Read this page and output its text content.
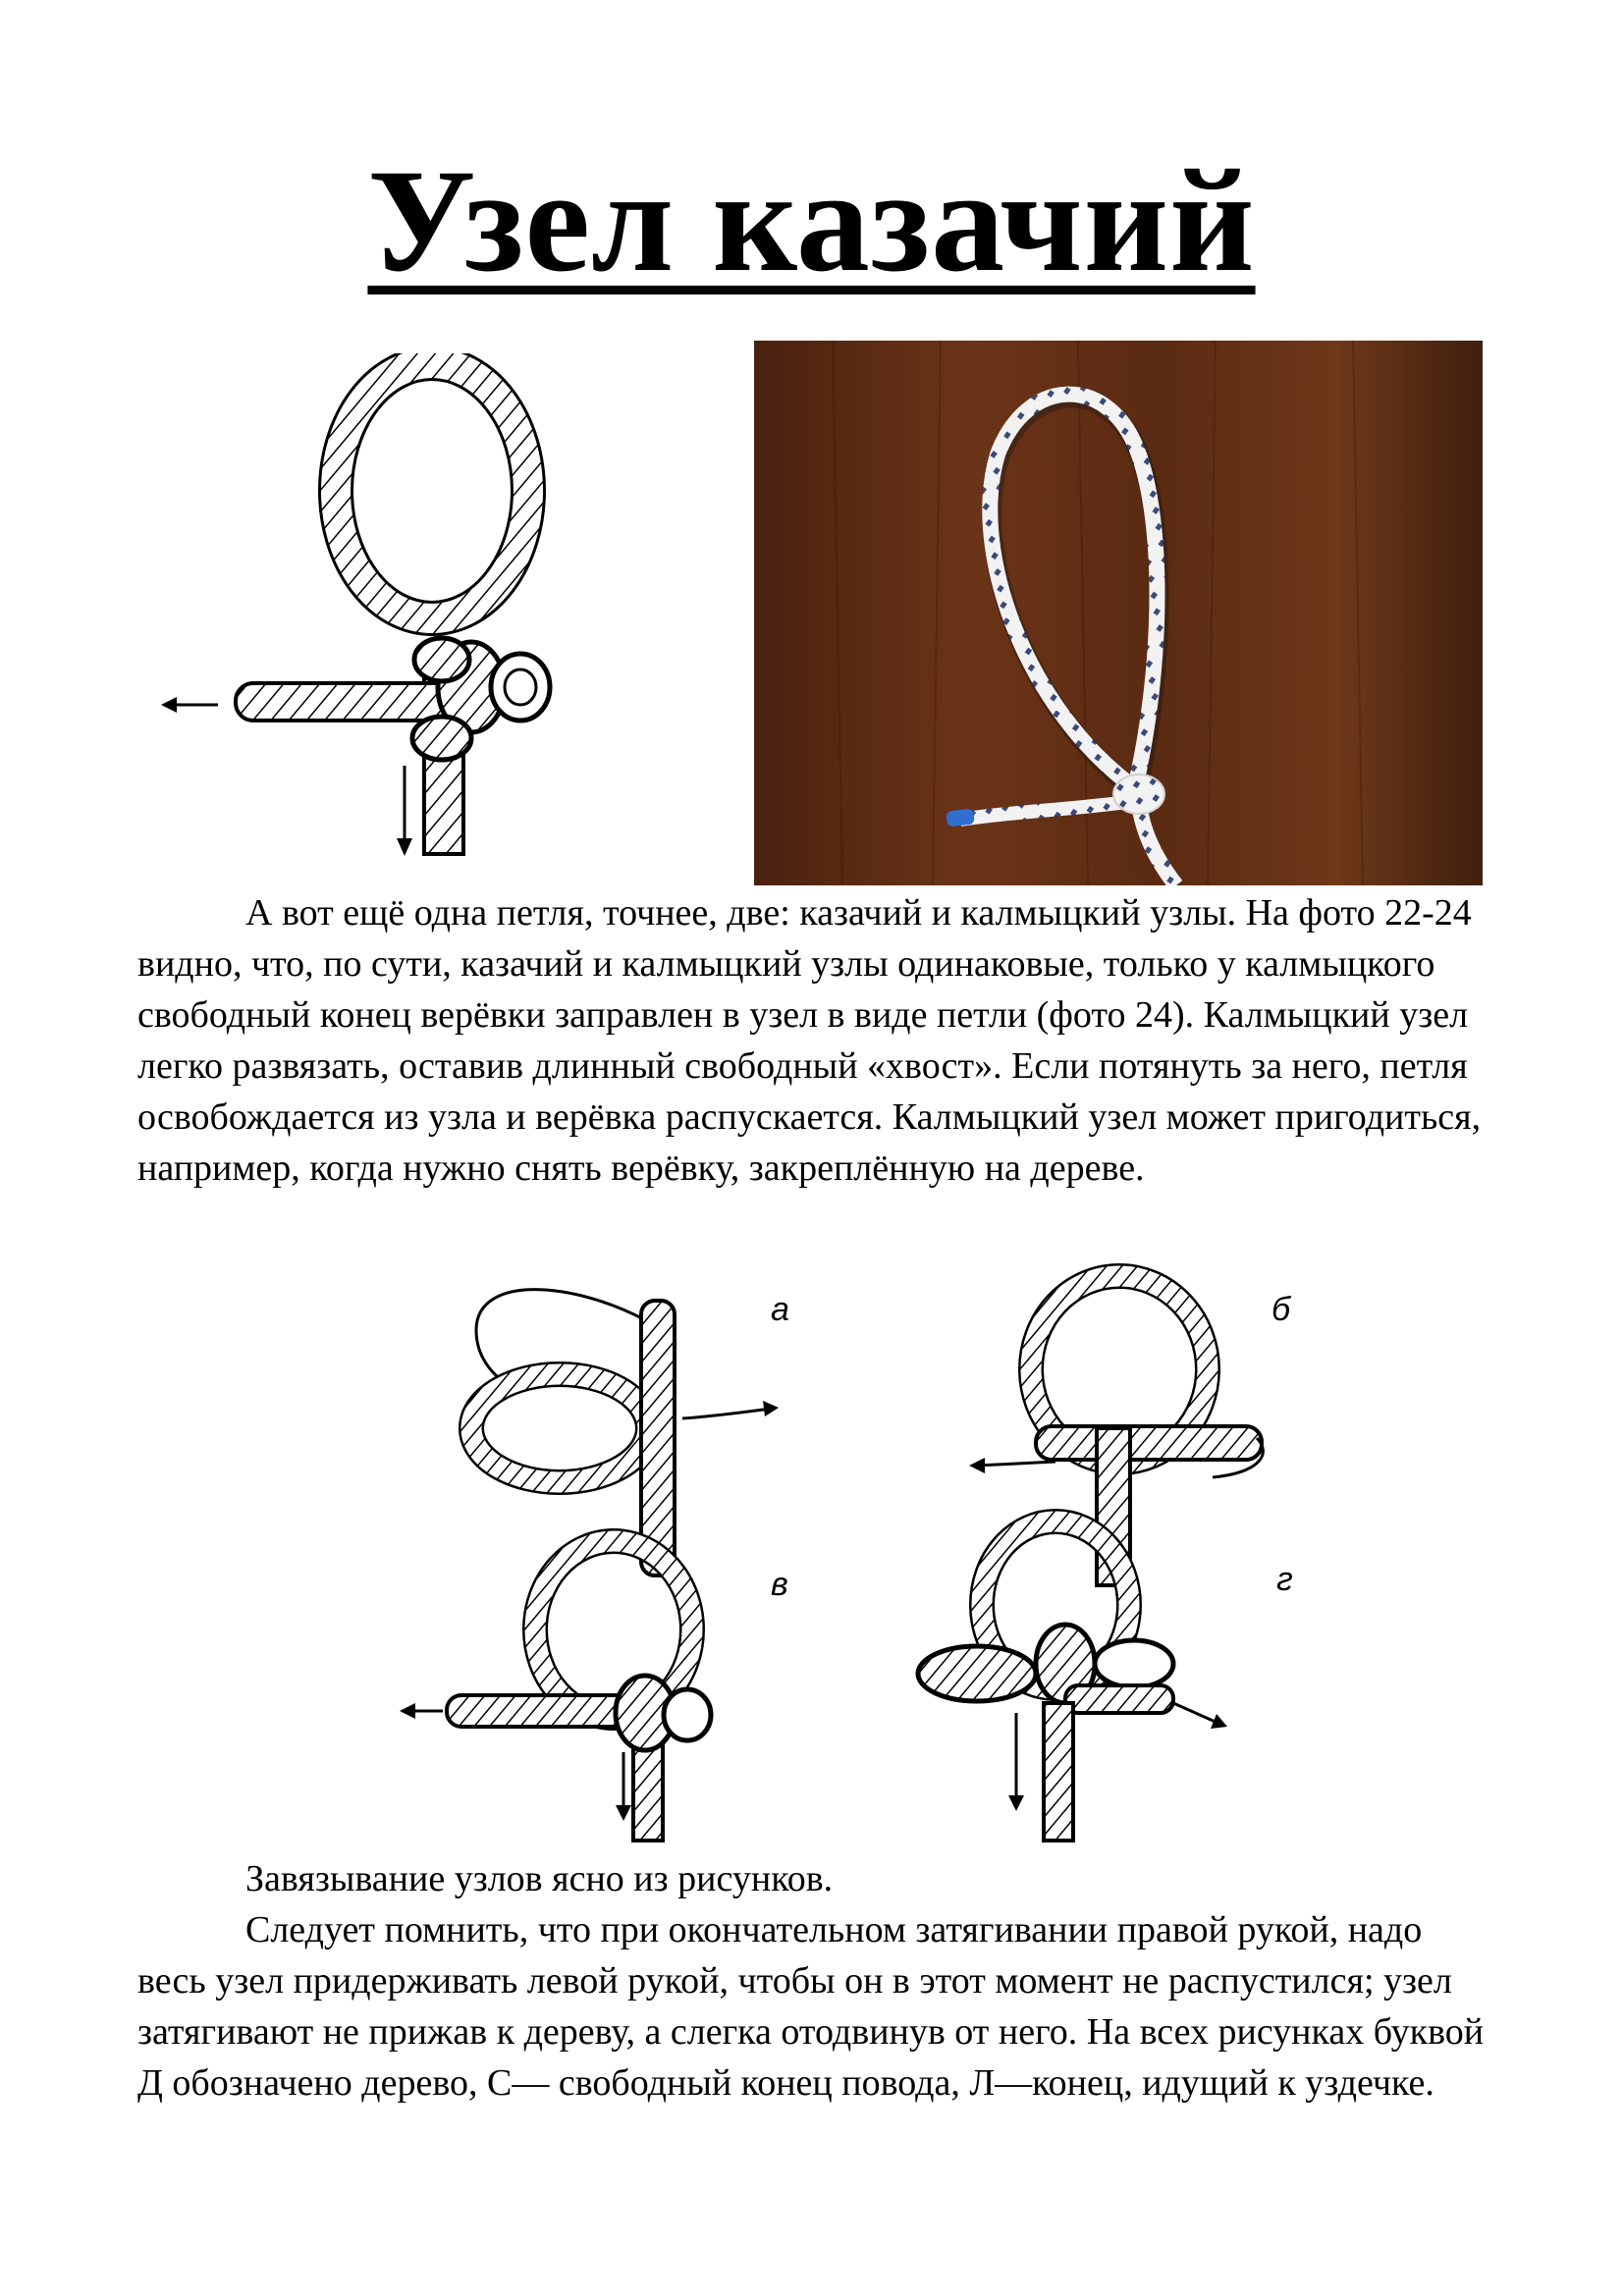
Узел казачий

А вот ещё одна петля, точнее, две: казачий и калмыцкий узлы. На фото 22-24 видно, что, по сути, казачий и калмыцкий узлы одинаковые, только у калмыцкого свободный конец верёвки заправлен в узел в виде петли (фото 24). Калмыцкий узел легко развязать, оставив длинный свободный «хвост». Если потянуть за него, петля освобождается из узла и верёвка распускается. Калмыцкий узел может пригодиться, например, когда нужно снять верёвку, закреплённую на дереве.

а	б
в	г

Завязывание узлов ясно из рисунков.

Следует помнить, что при окончательном затягивании правой рукой, надо весь узел придерживать левой рукой, чтобы он в этот момент не распустился; узел затягивают не прижав к дереву, а слегка отодвинув от него. На всех рисунках буквой Д обозначено дерево, С— свободный конец повода, Л—конец, идущий к уздечке.
